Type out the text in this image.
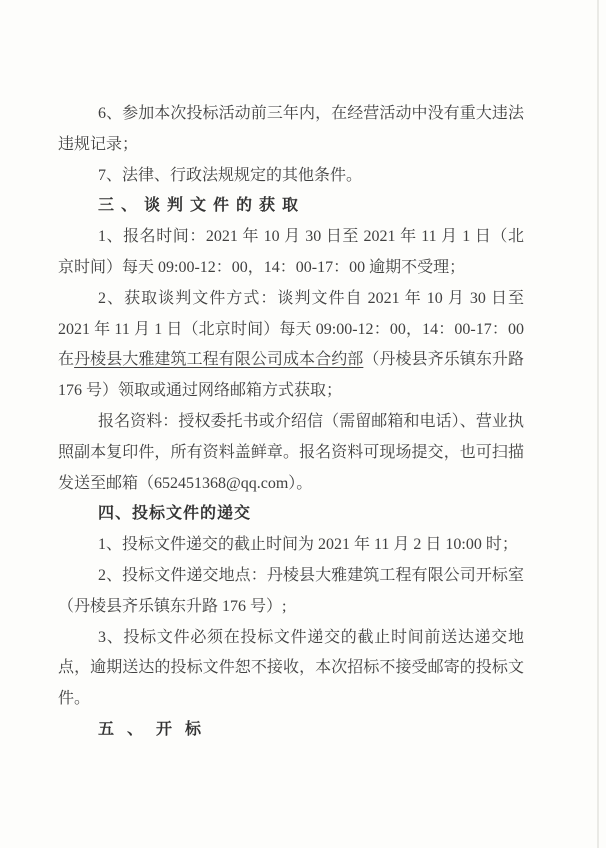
6、参加本次投标活动前三年内，在经营活动中没有重大违法违规记录；

7、法律、行政法规规定的其他条件。

三、谈判文件的获取

1、报名时间：2021 年 10 月 30 日至 2021 年 11 月 1 日（北京时间）每天 09:00-12：00，14：00-17：00 逾期不受理；

2、获取谈判文件方式：谈判文件自 2021 年 10 月 30 日至 2021 年 11 月 1 日（北京时间）每天 09:00-12：00，14：00-17：00 在丹棱县大雅建筑工程有限公司成本合约部（丹棱县齐乐镇东升路 176 号）领取或通过网络邮箱方式获取；

报名资料：授权委托书或介绍信（需留邮箱和电话）、营业执照副本复印件，所有资料盖鲜章。报名资料可现场提交，也可扫描发送至邮箱（652451368@qq.com）。

四、投标文件的递交

1、投标文件递交的截止时间为 2021 年 11 月 2 日 10:00 时；

2、投标文件递交地点：丹棱县大雅建筑工程有限公司开标室（丹棱县齐乐镇东升路 176 号）;

3、投标文件必须在投标文件递交的截止时间前送达递交地点，逾期送达的投标文件恕不接收，本次招标不接受邮寄的投标文件。

五、开标
